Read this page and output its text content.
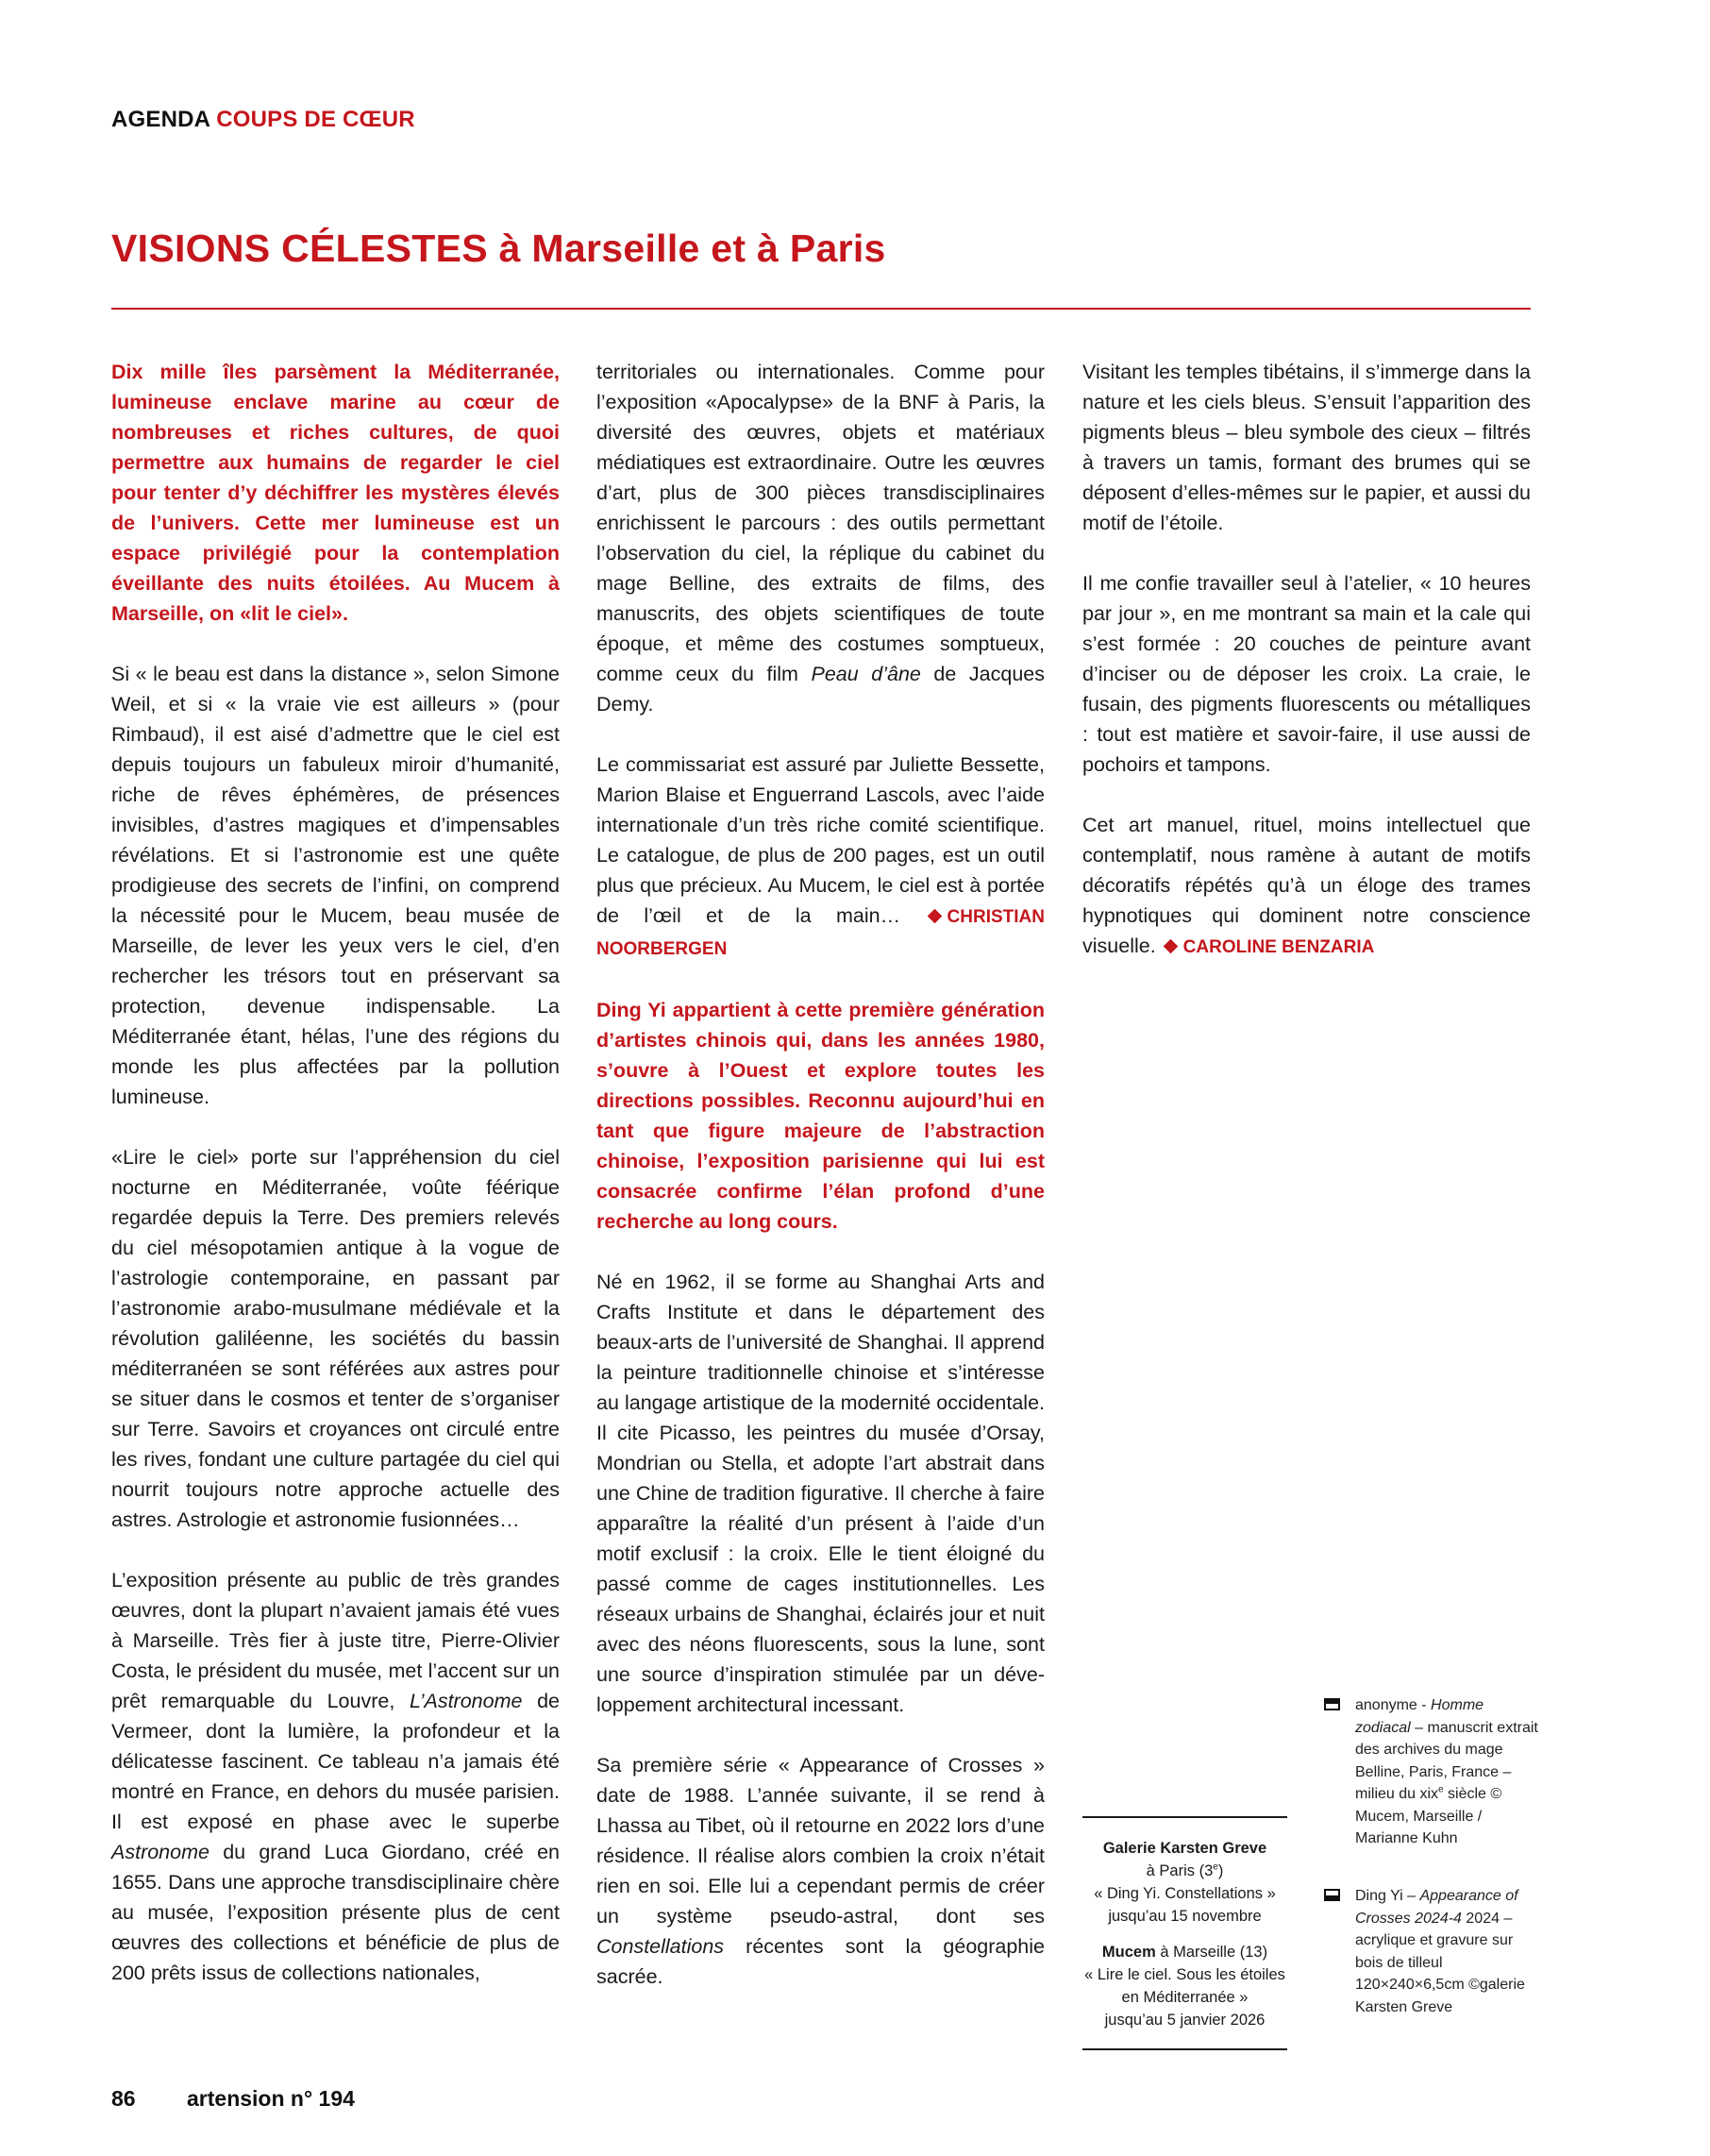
AGENDA COUPS DE CŒUR
VISIONS CÉLESTES à Marseille et à Paris

Dix mille îles parsèment la Méditerranée, lumineuse enclave marine au cœur de nombreuses et riches cultures, de quoi permettre aux humains de regarder le ciel pour tenter d’y déchiffrer les mystères élevés de l’univers. Cette mer lumineuse est un espace privilégié pour la contemplation éveillante des nuits étoilées. Au Mucem à Marseille, on «lit le ciel».

Si « le beau est dans la distance », selon Simone Weil, et si « la vraie vie est ailleurs » (pour Rimbaud), il est aisé d’admettre que le ciel est depuis toujours un fabuleux miroir d’humanité, riche de rêves éphémères, de présences invisibles, d’astres magiques et d’impensables révélations. Et si l’astronomie est une quête prodigieuse des secrets de l’infini, on comprend la nécessité pour le Mucem, beau musée de Marseille, de lever les yeux vers le ciel, d’en rechercher les trésors tout en préservant sa protection, devenue indispensable. La Méditerranée étant, hélas, l’une des régions du monde les plus affectées par la pollution lumineuse.

«Lire le ciel» porte sur l’appréhension du ciel nocturne en Méditerranée, voûte féérique regardée depuis la Terre. Des premiers relevés du ciel mésopotamien antique à la vogue de l’astrologie contemporaine, en passant par l’astronomie arabo-musulmane médiévale et la révolution galiléenne, les sociétés du bassin méditerranéen se sont référées aux astres pour se situer dans le cosmos et tenter de s’organiser sur Terre. Savoirs et croyances ont circulé entre les rives, fondant une culture partagée du ciel qui nourrit toujours notre approche actuelle des astres. Astrologie et astronomie fusionnées…

L’exposition présente au public de très grandes œuvres, dont la plupart n’avaient jamais été vues à Marseille. Très fier à juste titre, Pierre-Olivier Costa, le président du musée, met l’accent sur un prêt remarquable du Louvre, L’Astronome de Vermeer, dont la lumière, la profondeur et la délicatesse fascinent. Ce tableau n’a jamais été montré en France, en dehors du musée parisien. Il est exposé en phase avec le superbe Astronome du grand Luca Giordano, créé en 1655. Dans une approche transdisciplinaire chère au musée, l’exposition présente plus de cent œuvres des collections et bénéficie de plus de 200 prêts issus de collections nationales,

territoriales ou internationales. Comme pour l’exposition «Apocalypse» de la BNF à Paris, la diversité des œuvres, objets et matériaux médiatiques est extraordinaire. Outre les œuvres d’art, plus de 300 pièces transdisciplinaires enrichissent le parcours : des outils permettant l’observation du ciel, la réplique du cabinet du mage Belline, des extraits de films, des manuscrits, des objets scientifiques de toute époque, et même des costumes somptueux, comme ceux du film Peau d’âne de Jacques Demy.

Le commissariat est assuré par Juliette Bessette, Marion Blaise et Enguerrand Lascols, avec l’aide internationale d’un très riche comité scientifique. Le catalogue, de plus de 200 pages, est un outil plus que précieux. Au Mucem, le ciel est à portée de l’œil et de la main…	CHRISTIAN NOORBERGEN

Ding Yi appartient à cette première génération d’artistes chinois qui, dans les années 1980, s’ouvre à l’Ouest et explore toutes les directions possibles. Reconnu aujourd’hui en tant que figure majeure de l’abstraction chinoise, l’exposition parisienne qui lui est consacrée confirme l’élan profond d’une recherche au long cours.

Né en 1962, il se forme au Shanghai Arts and Crafts Institute et dans le département des beaux-arts de l’université de Shanghai. Il apprend la peinture traditionnelle chinoise et s’intéresse au langage artistique de la modernité occidentale. Il cite Picasso, les peintres du musée d’Orsay, Mondrian ou Stella, et adopte l’art abstrait dans une Chine de tradition figurative. Il cherche à faire apparaître la réalité d’un présent à l’aide d’un motif exclusif : la croix. Elle le tient éloigné du passé comme de cages institutionnelles. Les réseaux urbains de Shanghai, éclairés jour et nuit avec des néons fluorescents, sous la lune, sont une source d’inspiration stimulée par un développement architectural incessant.

Sa première série « Appearance of Crosses » date de 1988. L’année suivante, il se rend à Lhassa au Tibet, où il retourne en 2022 lors d’une résidence. Il réalise alors combien la croix n’était rien en soi. Elle lui a cependant permis de créer un système pseudo-astral, dont ses Constellations récentes sont la géographie sacrée.

Visitant les temples tibétains, il s’immerge dans la nature et les ciels bleus. S’ensuit l’apparition des pigments bleus – bleu symbole des cieux – filtrés à travers un tamis, formant des brumes qui se déposent d’elles-mêmes sur le papier, et aussi du motif de l’étoile.

Il me confie travailler seul à l’atelier, « 10 heures par jour », en me montrant sa main et la cale qui s’est formée : 20 couches de peinture avant d’inciser ou de déposer les croix. La craie, le fusain, des pigments fluorescents ou métalliques : tout est matière et savoir-faire, il use aussi de pochoirs et tampons.

Cet art manuel, rituel, moins intellectuel que contemplatif, nous ramène à autant de motifs décoratifs répétés qu’à un éloge des trames hypnotiques qui dominent notre conscience visuelle. CAROLINE BENZARIA

Galerie Karsten Greve
à Paris (3e)
« Ding Yi. Constellations »
jusqu’au 15 novembre
Mucem à Marseille (13)
« Lire le ciel. Sous les étoiles en Méditerranée »
jusqu’au 5 janvier 2026
anonyme - Homme zodiacal – manuscrit extrait des archives du mage Belline, Paris, France – milieu du xix$^e$ siècle © Mucem, Marseille / Marianne Kuhn
Ding Yi – Appearance of Crosses 2024-4 2024 – acrylique et gravure sur bois de tilleul 120×240×6,5cm ©galerie Karsten Greve
86 artension n° 194
